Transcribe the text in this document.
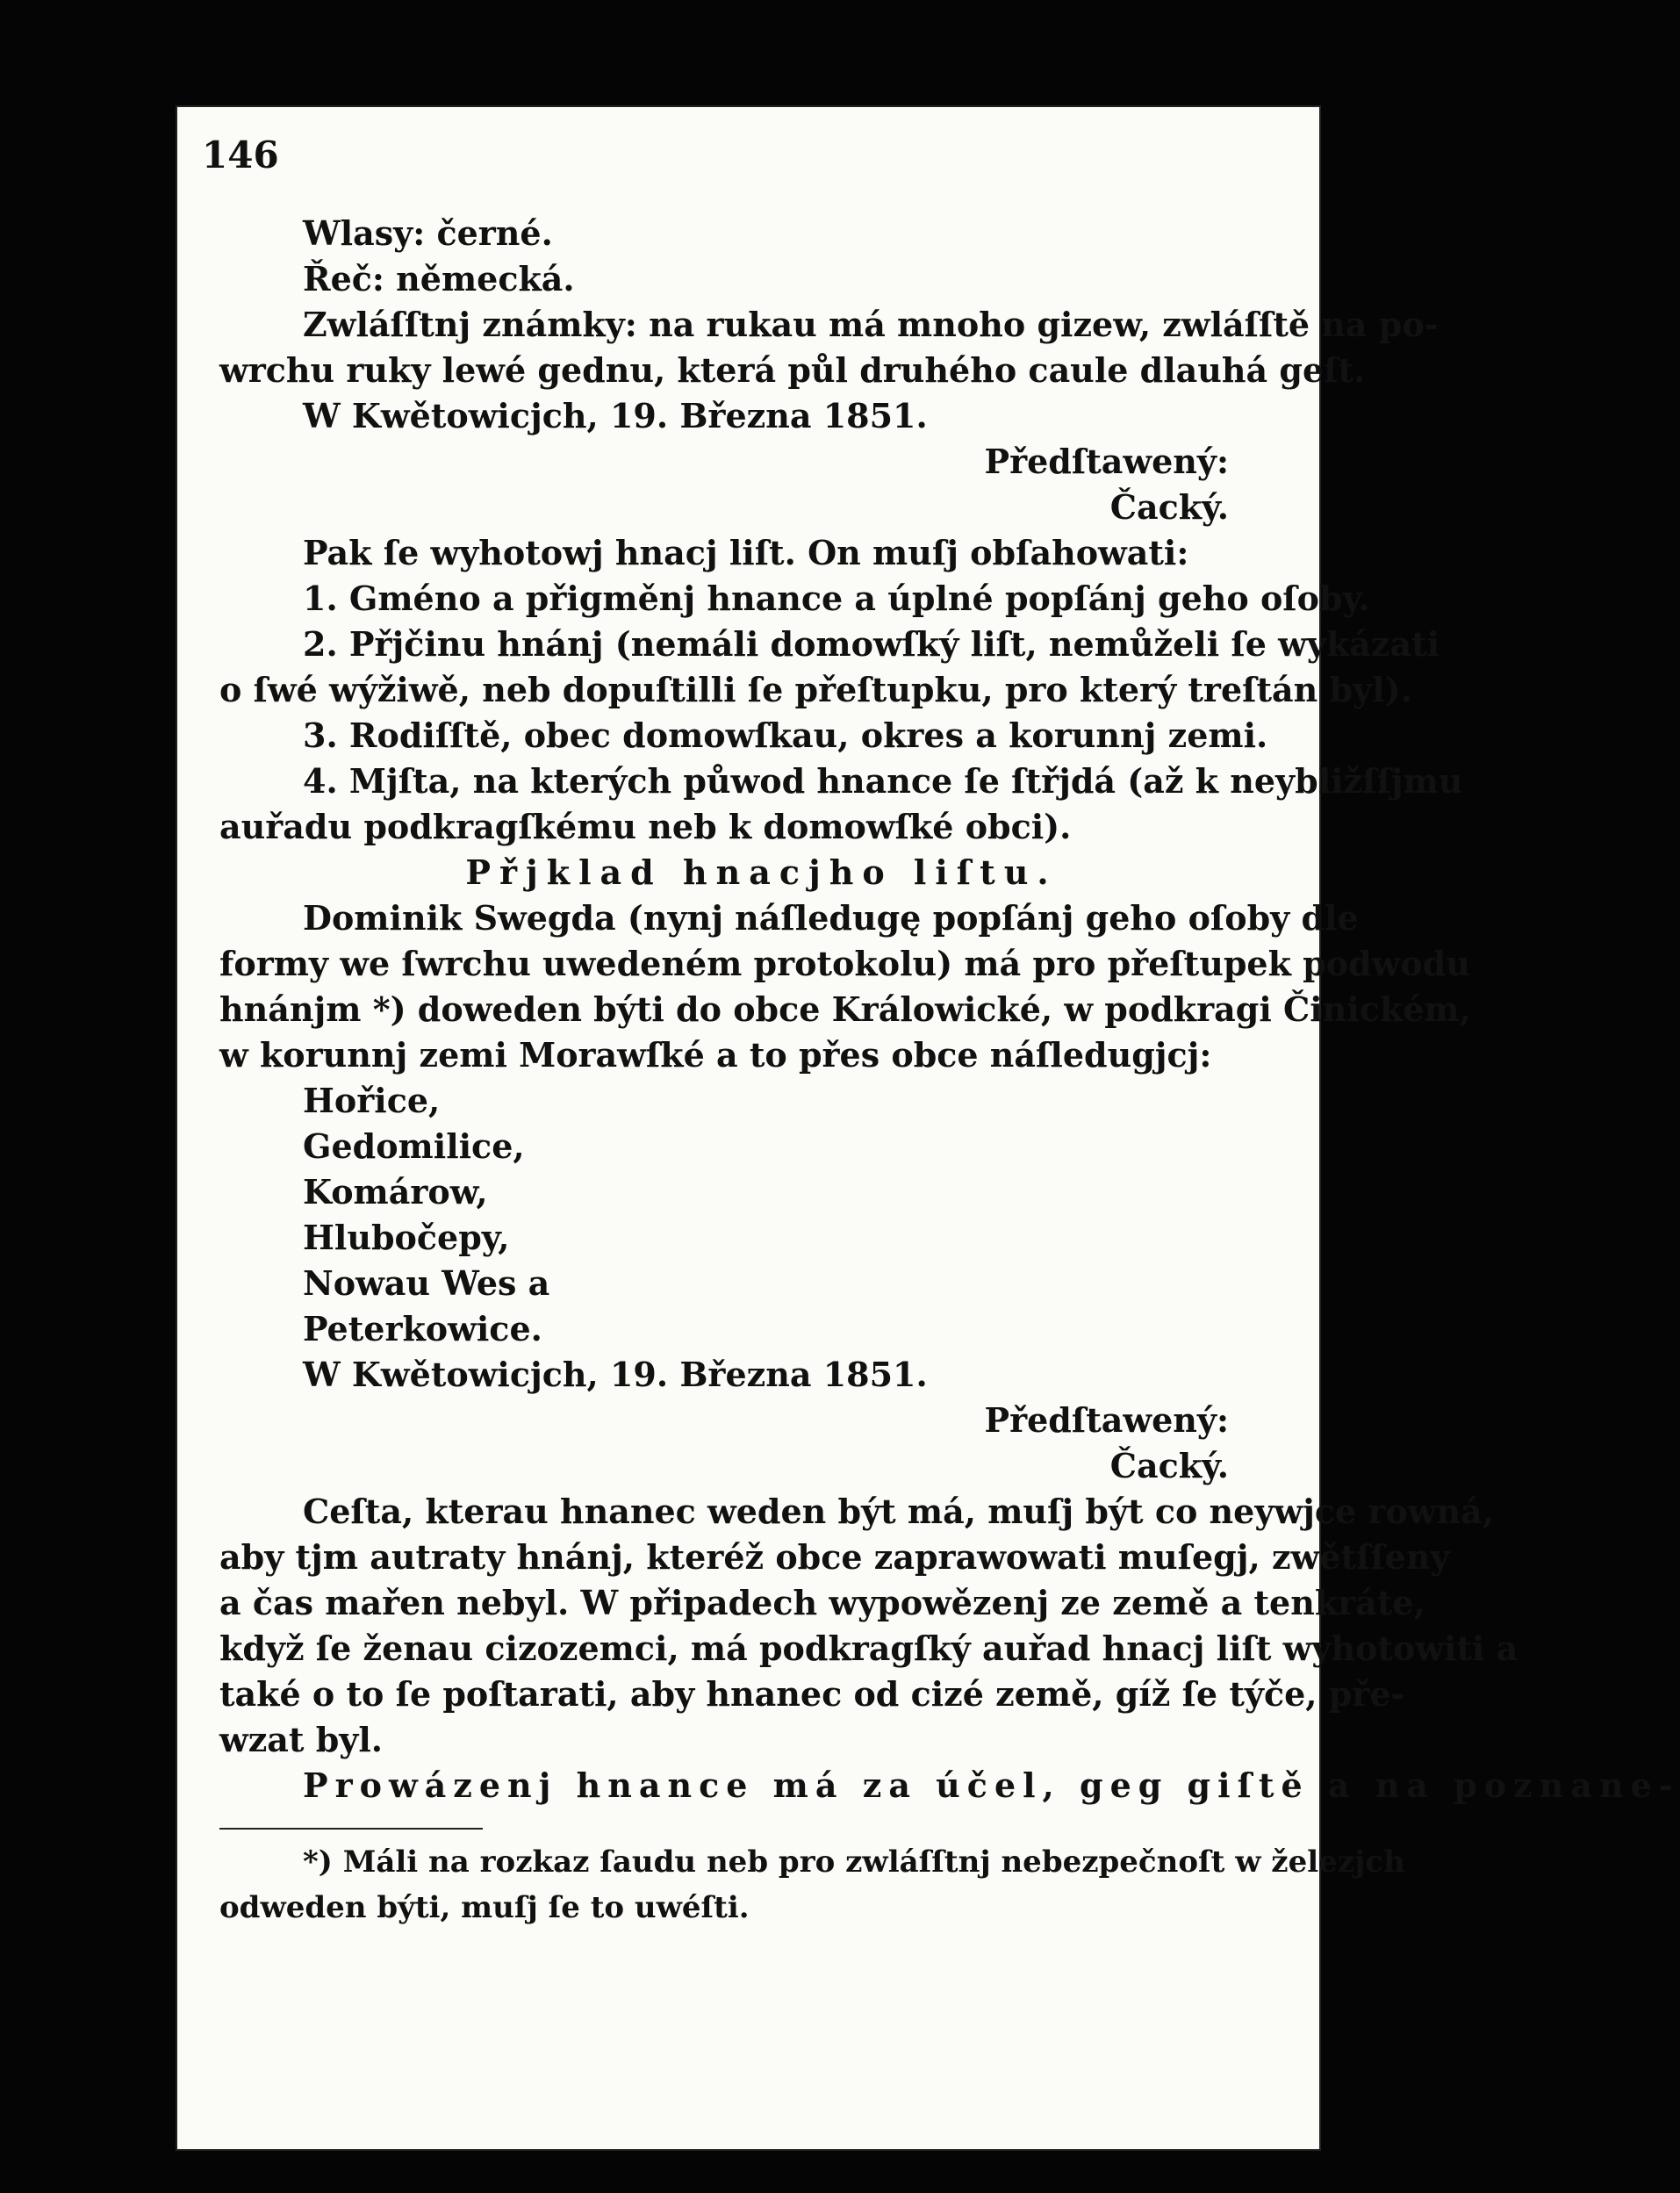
146
Wlasy: černé.
Řeč: německá.
Zwláſſtnj známky: na rukau má mnoho gizew, zwláſſtě na po-
wrchu ruky lewé gednu, která půl druhého caule dlauhá geſt.
W Kwětowicjch, 19. Března 1851.
Předſtawený:
Čacký.
Pak ſe wyhotowj hnacj liſt. On muſj obſahowati:
1. Gméno a přigměnj hnance a úplné popſánj geho oſoby.
2. Přjčinu hnánj (nemáli domowſký liſt, nemůželi ſe wykázati
o ſwé wýžiwě, neb dopuſtilli ſe přeſtupku, pro který treſtán byl).
3. Rodiſſtě, obec domowſkau, okres a korunnj zemi.
4. Mjſta, na kterých půwod hnance ſe ſtřjdá (až k neybližſſjmu
auřadu podkragſkému neb k domowſké obci).
Přjklad hnacjho liſtu.
Dominik Swegda (nynj náſledugę popſánj geho oſoby dle
formy we ſwrchu uwedeném protokolu) má pro přeſtupek podwodu
hnánjm *) doweden býti do obce Králowické, w podkragi Činickém,
w korunnj zemi Morawſké a to přes obce náſledugjcj:
Hořice,
Gedomilice,
Komárow,
Hlubočepy,
Nowau Wes a
Peterkowice.
W Kwětowicjch, 19. Března 1851.
Předſtawený:
Čacký.
Ceſta, kterau hnanec weden být má, muſj být co neywjce rowná,
aby tjm autraty hnánj, kteréž obce zaprawowati muſegj, zwětſſeny
a čas mařen nebyl. W připadech wypowězenj ze země a tenkráte,
když ſe ženau cizozemci, má podkragſký auřad hnacj liſt wyhotowiti a
také o to ſe poſtarati, aby hnanec od cizé země, gíž ſe týče, pře-
wzat byl.
Prowázenj hnance má za účel, geg giſtě a na poznane-
*) Máli na rozkaz ſaudu neb pro zwláſſtnj nebezpečnoſt w železjch
odweden býti, muſj ſe to uwéſti.
